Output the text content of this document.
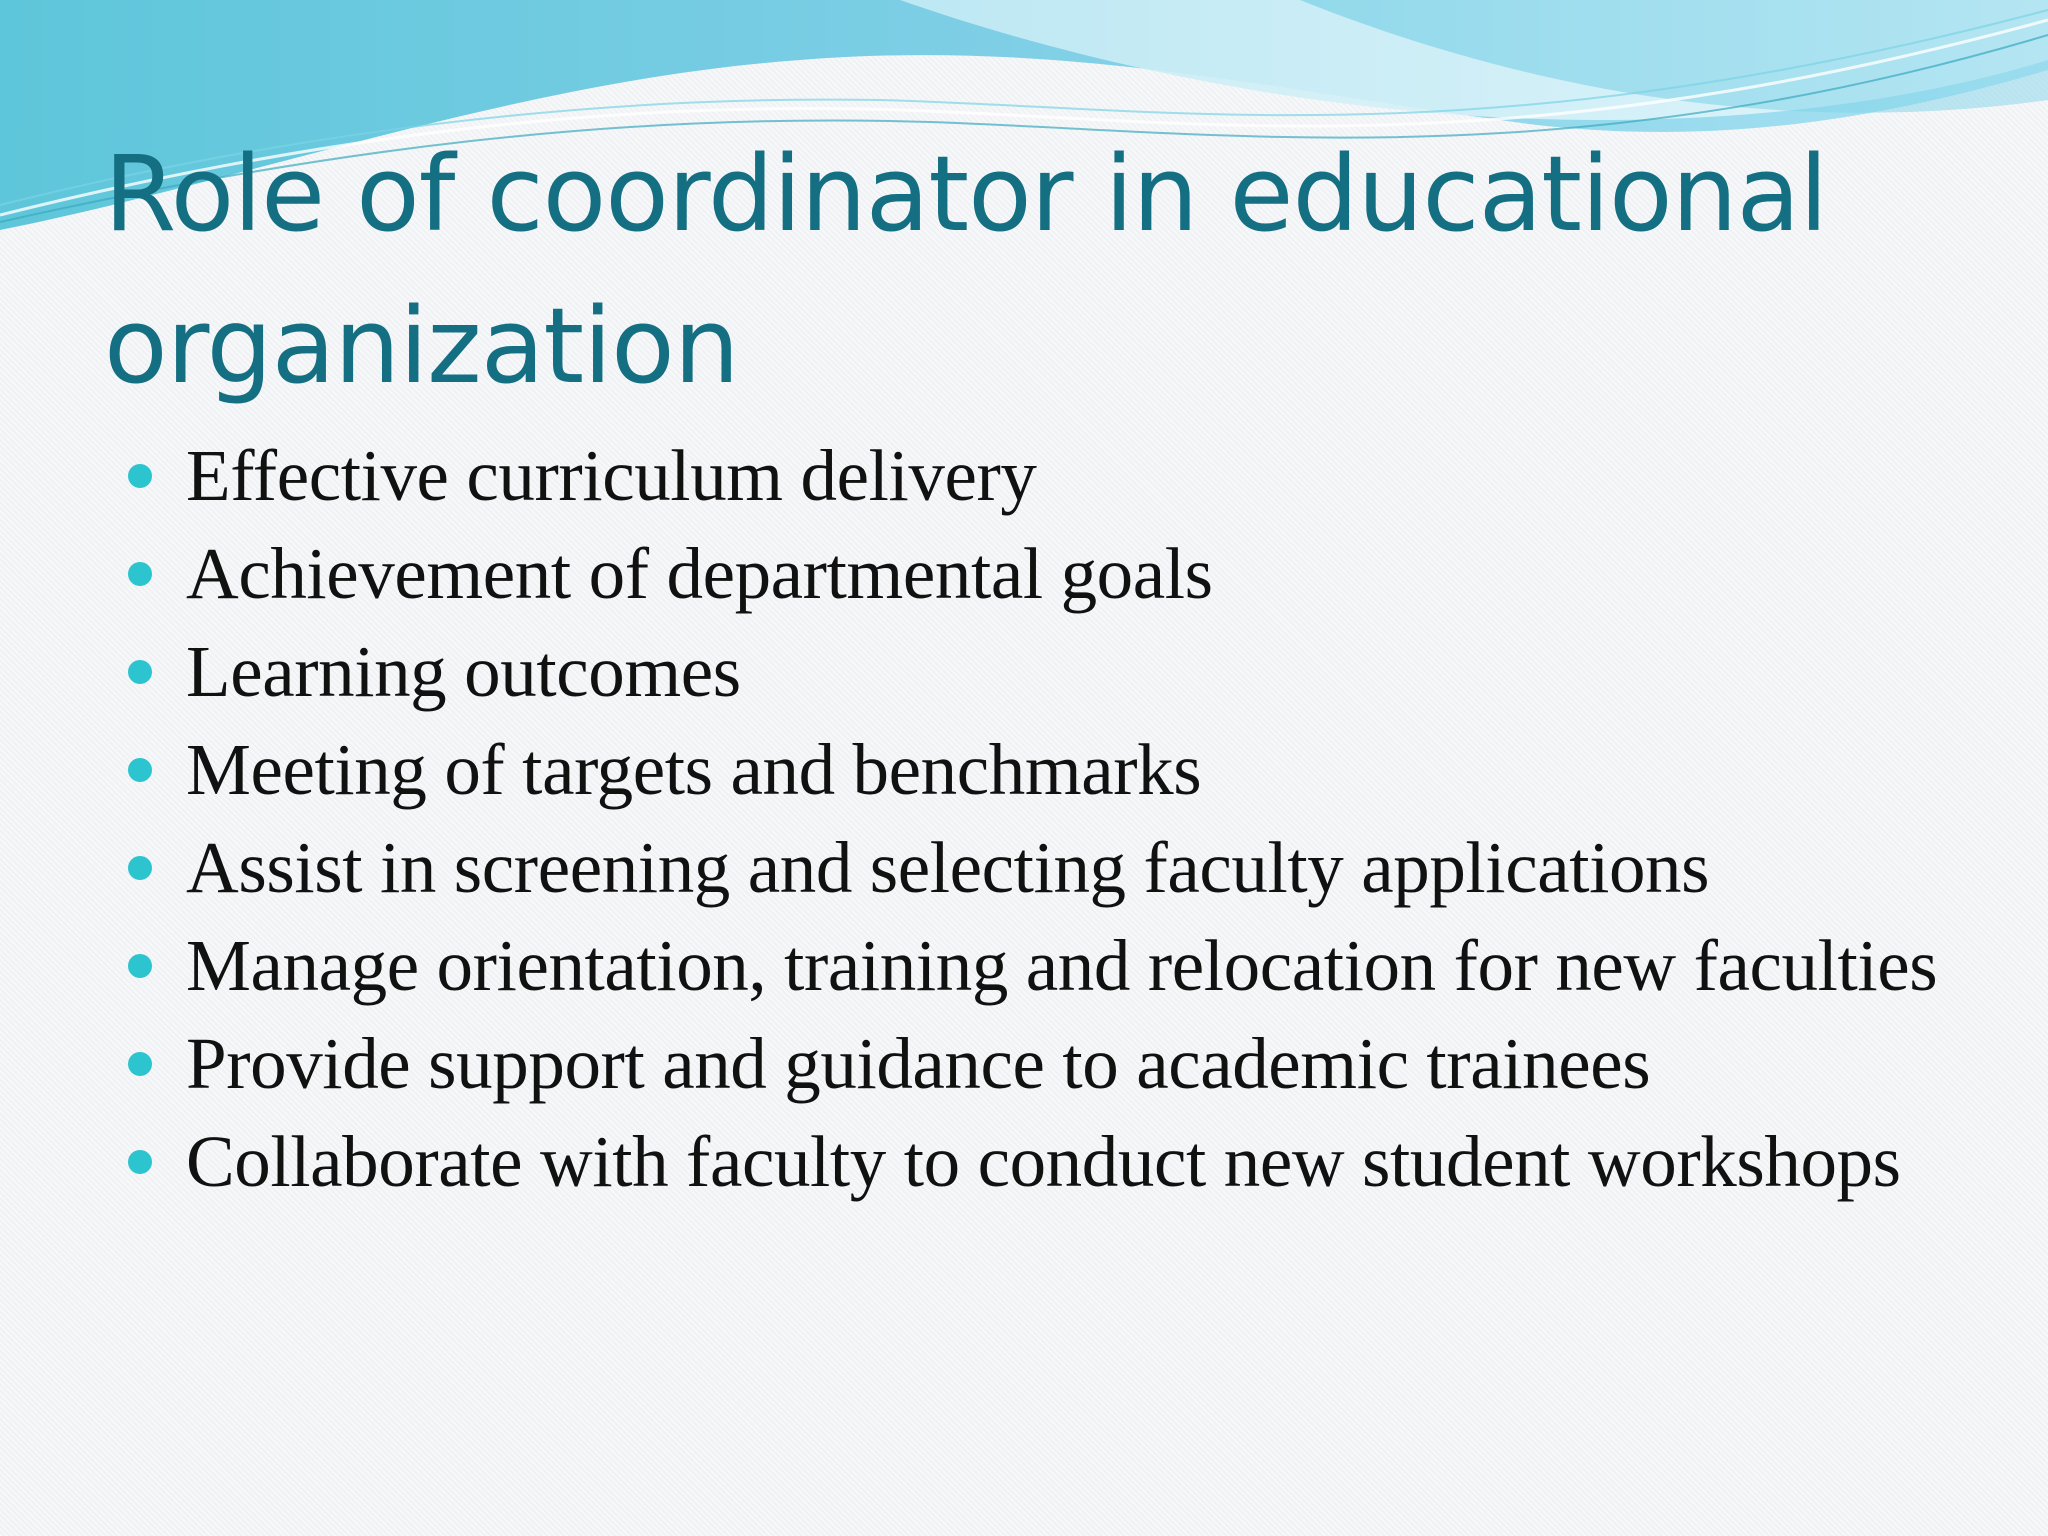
Role of coordinator in educational organization
Effective curriculum delivery
Achievement of departmental goals
Learning outcomes
Meeting of targets and benchmarks
Assist in screening and selecting faculty applications
Manage orientation, training and relocation for new faculties
Provide support and guidance to academic trainees
Collaborate with faculty to conduct new student workshops
